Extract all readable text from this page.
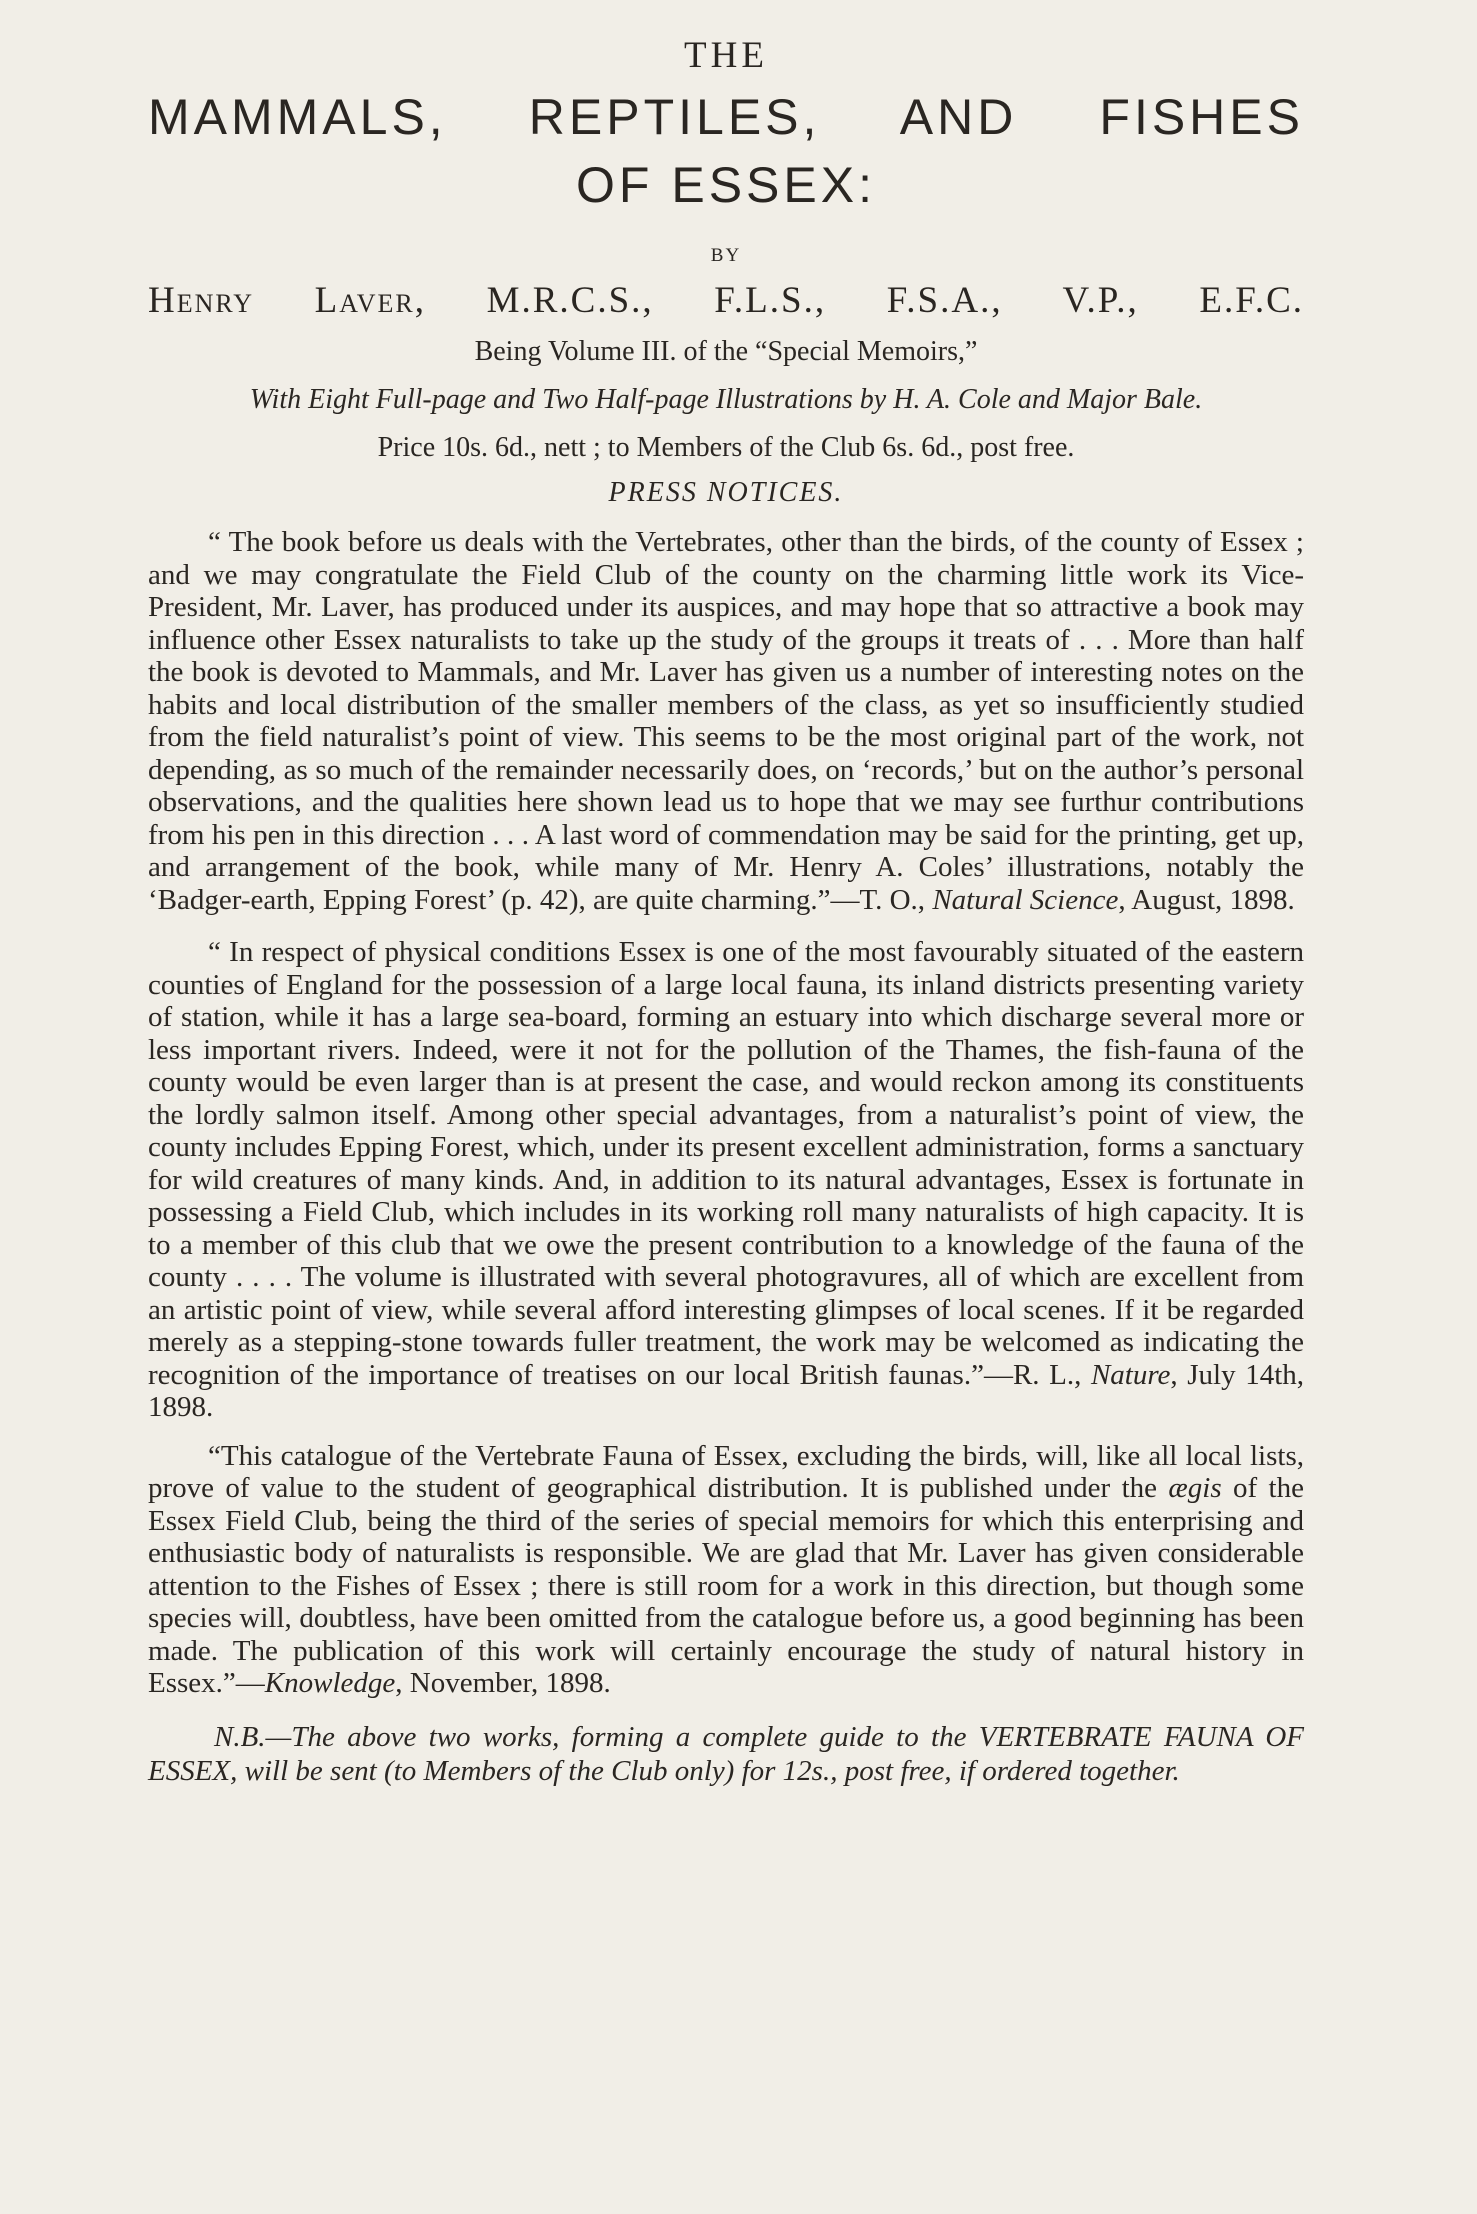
THE
MAMMALS, REPTILES, AND FISHES
OF ESSEX:
BY
Henry Laver, M.R.C.S., F.L.S., F.S.A., V.P., E.F.C.
Being Volume III. of the “Special Memoirs,”
With Eight Full-page and Two Half-page Illustrations by H. A. Cole and Major Bale.
Price 10s. 6d., nett ; to Members of the Club 6s. 6d., post free.
PRESS NOTICES.

“ The book before us deals with the Vertebrates, other than the birds, of the county of Essex ; and we may congratulate the Field Club of the county on the charming little work its Vice-President, Mr. Laver, has produced under its auspices, and may hope that so attractive a book may influence other Essex naturalists to take up the study of the groups it treats of . . . More than half the book is devoted to Mammals, and Mr. Laver has given us a number of interesting notes on the habits and local distribution of the smaller members of the class, as yet so insufficiently studied from the field naturalist’s point of view. This seems to be the most original part of the work, not depending, as so much of the remainder necessarily does, on ‘records,’ but on the author’s personal observations, and the qualities here shown lead us to hope that we may see furthur contributions from his pen in this direction . . . A last word of commendation may be said for the printing, get up, and arrangement of the book, while many of Mr. Henry A. Coles’ illustrations, notably the ‘Badger-earth, Epping Forest’ (p. 42), are quite charming.”—T. O., Natural Science, August, 1898.

“ In respect of physical conditions Essex is one of the most favourably situated of the eastern counties of England for the possession of a large local fauna, its inland districts presenting variety of station, while it has a large sea-board, forming an estuary into which discharge several more or less important rivers. Indeed, were it not for the pollution of the Thames, the fish-fauna of the county would be even larger than is at present the case, and would reckon among its constituents the lordly salmon itself. Among other special advantages, from a naturalist’s point of view, the county includes Epping Forest, which, under its present excellent administration, forms a sanctuary for wild creatures of many kinds. And, in addition to its natural advantages, Essex is fortunate in possessing a Field Club, which includes in its working roll many naturalists of high capacity. It is to a member of this club that we owe the present contribution to a knowledge of the fauna of the county . . . . The volume is illustrated with several photogravures, all of which are excellent from an artistic point of view, while several afford interesting glimpses of local scenes. If it be regarded merely as a stepping-stone towards fuller treatment, the work may be welcomed as indicating the recognition of the importance of treatises on our local British faunas.”—R. L., Nature, July 14th, 1898.

“This catalogue of the Vertebrate Fauna of Essex, excluding the birds, will, like all local lists, prove of value to the student of geographical distribution. It is published under the ægis of the Essex Field Club, being the third of the series of special memoirs for which this enterprising and enthusiastic body of naturalists is responsible. We are glad that Mr. Laver has given considerable attention to the Fishes of Essex ; there is still room for a work in this direction, but though some species will, doubtless, have been omitted from the catalogue before us, a good beginning has been made. The publication of this work will certainly encourage the study of natural history in Essex.”—Knowledge, November, 1898.

N.B.—The above two works, forming a complete guide to the VERTEBRATE FAUNA OF ESSEX, will be sent (to Members of the Club only) for 12s., post free, if ordered together.
